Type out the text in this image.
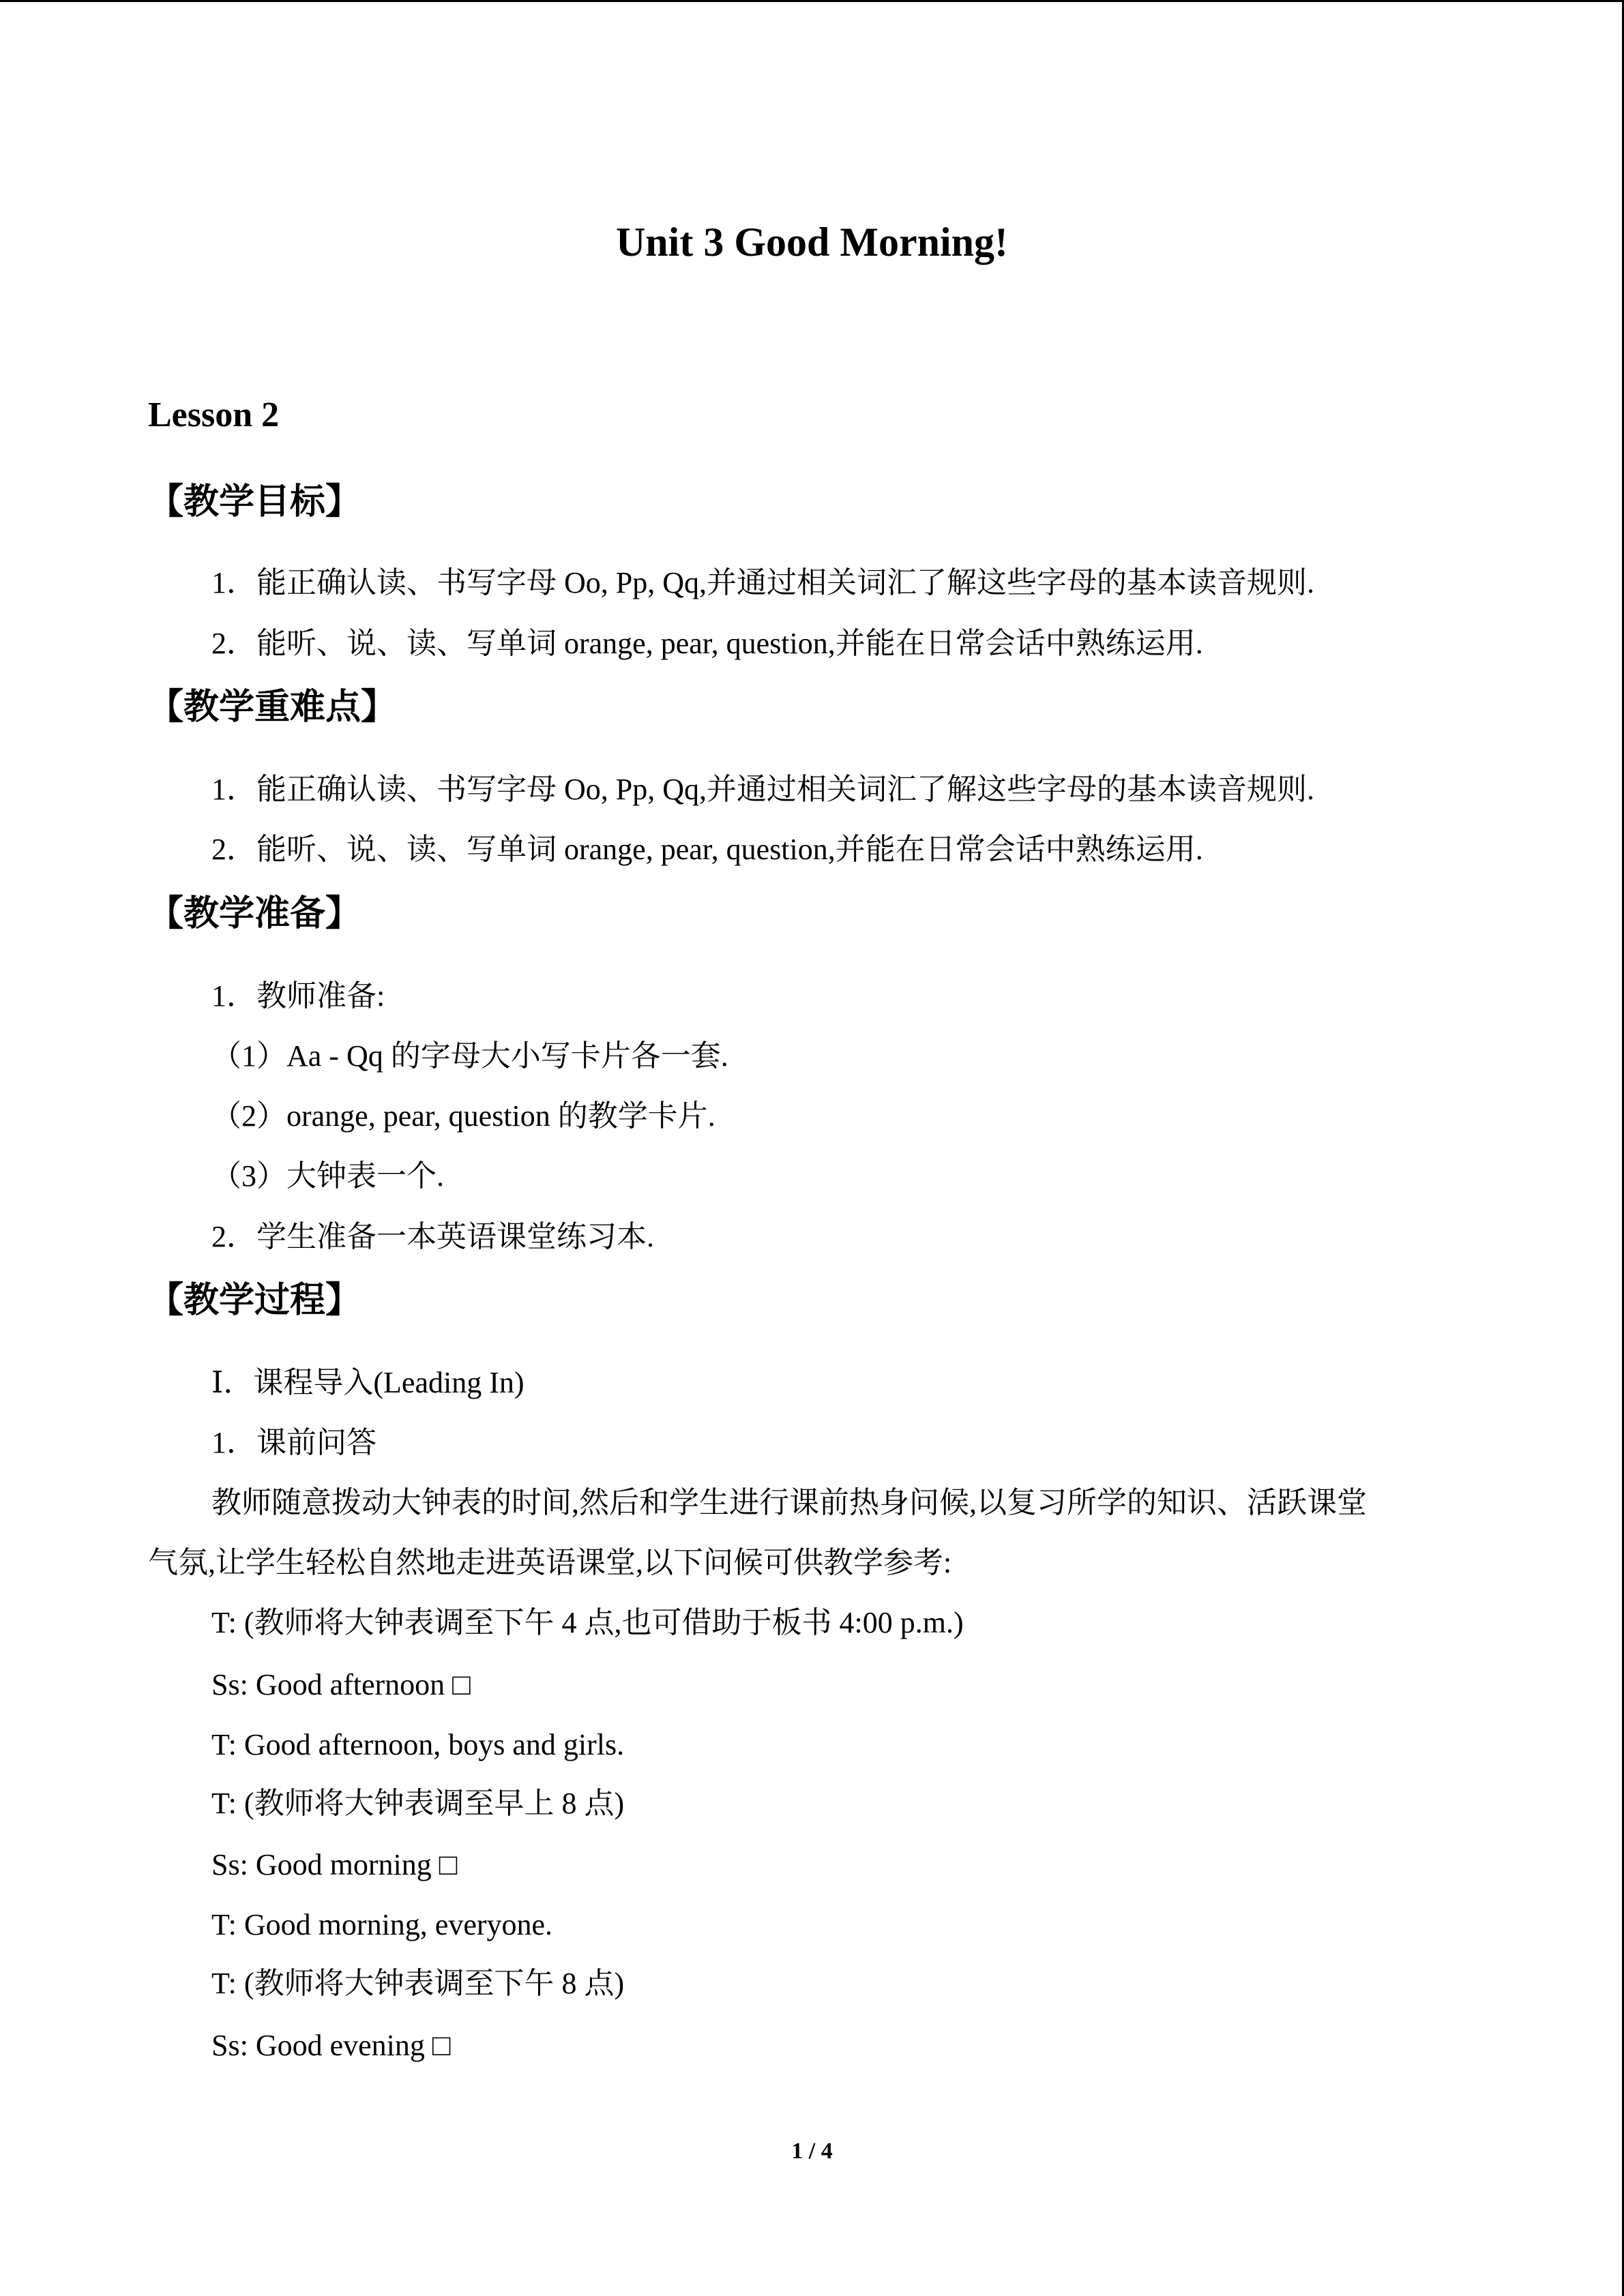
Unit 3 Good Morning!
Lesson 2
【教学目标】
1．能正确认读、书写字母 Oo, Pp, Qq,并通过相关词汇了解这些字母的基本读音规则.
2．能听、说、读、写单词 orange, pear, question,并能在日常会话中熟练运用.
【教学重难点】
1．能正确认读、书写字母 Oo, Pp, Qq,并通过相关词汇了解这些字母的基本读音规则.
2．能听、说、读、写单词 orange, pear, question,并能在日常会话中熟练运用.
【教学准备】
1．教师准备:
（1）Aa - Qq 的字母大小写卡片各一套.
（2）orange, pear, question 的教学卡片.
（3）大钟表一个.
2．学生准备一本英语课堂练习本.
【教学过程】
Ⅰ．课程导入(Leading In)
1．课前问答
教师随意拨动大钟表的时间,然后和学生进行课前热身问候,以复习所学的知识、活跃课堂
气氛,让学生轻松自然地走进英语课堂,以下问候可供教学参考:
T: (教师将大钟表调至下午 4 点,也可借助于板书 4:00 p.m.)
Ss: Good afternoon □
T: Good afternoon, boys and girls.
T: (教师将大钟表调至早上 8 点)
Ss: Good morning □
T: Good morning, everyone.
T: (教师将大钟表调至下午 8 点)
Ss: Good evening □
1 / 4
